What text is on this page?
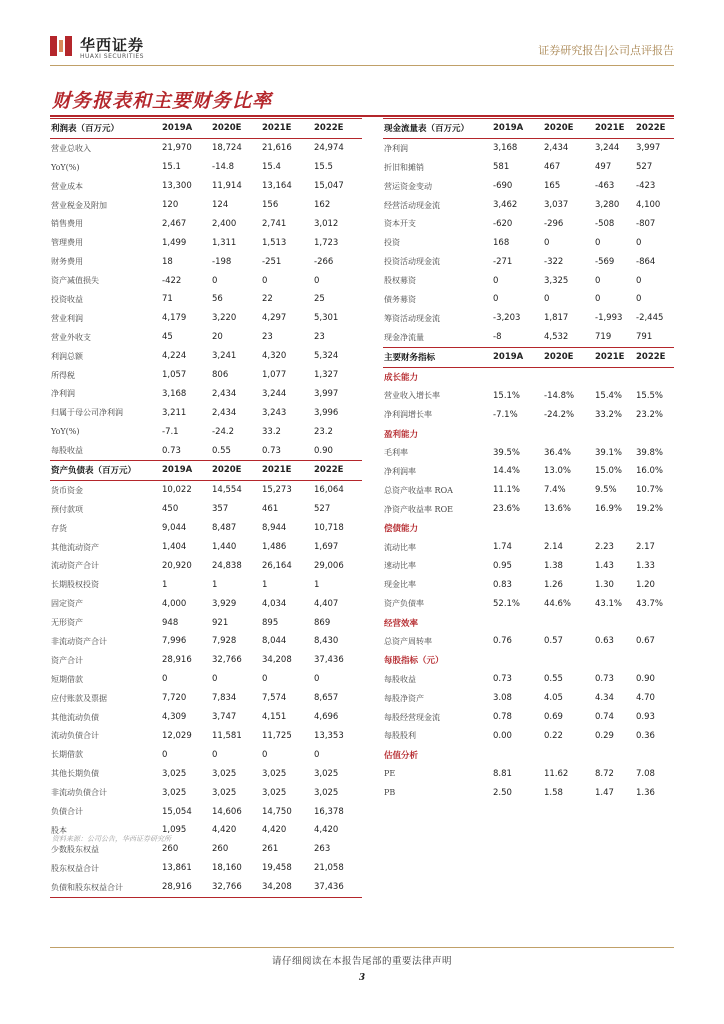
华西证券
HUAXI SECURITIES	证券研究报告|公司点评报告
财务报表和主要财务比率
利润表（百万元）	2019A	2020E	2021E	2022E
营业总收入	21,970	18,724	21,616	24,974
YoY(%)	15.1	-14.8	15.4	15.5
营业成本	13,300	11,914	13,164	15,047
营业税金及附加	120	124	156	162
销售费用	2,467	2,400	2,741	3,012
管理费用	1,499	1,311	1,513	1,723
财务费用	18	-198	-251	-266
资产减值损失	-422	0	0	0
投资收益	71	56	22	25
营业利润	4,179	3,220	4,297	5,301
营业外收支	45	20	23	23
利润总额	4,224	3,241	4,320	5,324
所得税	1,057	806	1,077	1,327
净利润	3,168	2,434	3,244	3,997
归属于母公司净利润	3,211	2,434	3,243	3,996
YoY(%)	-7.1	-24.2	33.2	23.2
每股收益	0.73	0.55	0.73	0.90
资产负债表（百万元）	2019A	2020E	2021E	2022E
货币资金	10,022	14,554	15,273	16,064
预付款项	450	357	461	527
存货	9,044	8,487	8,944	10,718
其他流动资产	1,404	1,440	1,486	1,697
流动资产合计	20,920	24,838	26,164	29,006
长期股权投资	1	1	1	1
固定资产	4,000	3,929	4,034	4,407
无形资产	948	921	895	869
非流动资产合计	7,996	7,928	8,044	8,430
资产合计	28,916	32,766	34,208	37,436
短期借款	0	0	0	0
应付账款及票据	7,720	7,834	7,574	8,657
其他流动负债	4,309	3,747	4,151	4,696
流动负债合计	12,029	11,581	11,725	13,353
长期借款	0	0	0	0
其他长期负债	3,025	3,025	3,025	3,025
非流动负债合计	3,025	3,025	3,025	3,025
负债合计	15,054	14,606	14,750	16,378
股本	1,095	4,420	4,420	4,420
少数股东权益	260	260	261	263
股东权益合计	13,861	18,160	19,458	21,058
负债和股东权益合计	28,916	32,766	34,208	37,436
现金流量表（百万元）	2019A	2020E	2021E	2022E
净利润	3,168	2,434	3,244	3,997
折旧和摊销	581	467	497	527
营运资金变动	-690	165	-463	-423
经营活动现金流	3,462	3,037	3,280	4,100
资本开支	-620	-296	-508	-807
投资	168	0	0	0
投资活动现金流	-271	-322	-569	-864
股权募资	0	3,325	0	0
债务募资	0	0	0	0
筹资活动现金流	-3,203	1,817	-1,993	-2,445
现金净流量	-8	4,532	719	791
主要财务指标	2019A	2020E	2021E	2022E
成长能力				
营业收入增长率	15.1%	-14.8%	15.4%	15.5%
净利润增长率	-7.1%	-24.2%	33.2%	23.2%
盈利能力				
毛利率	39.5%	36.4%	39.1%	39.8%
净利润率	14.4%	13.0%	15.0%	16.0%
总资产收益率 ROA	11.1%	7.4%	9.5%	10.7%
净资产收益率 ROE	23.6%	13.6%	16.9%	19.2%
偿债能力				
流动比率	1.74	2.14	2.23	2.17
速动比率	0.95	1.38	1.43	1.33
现金比率	0.83	1.26	1.30	1.20
资产负债率	52.1%	44.6%	43.1%	43.7%
经营效率				
总资产周转率	0.76	0.57	0.63	0.67
每股指标（元）				
每股收益	0.73	0.55	0.73	0.90
每股净资产	3.08	4.05	4.34	4.70
每股经营现金流	0.78	0.69	0.74	0.93
每股股利	0.00	0.22	0.29	0.36
估值分析				
PE	8.81	11.62	8.72	7.08
PB	2.50	1.58	1.47	1.36
资料来源：公司公告，华西证券研究所
请仔细阅读在本报告尾部的重要法律声明
3
